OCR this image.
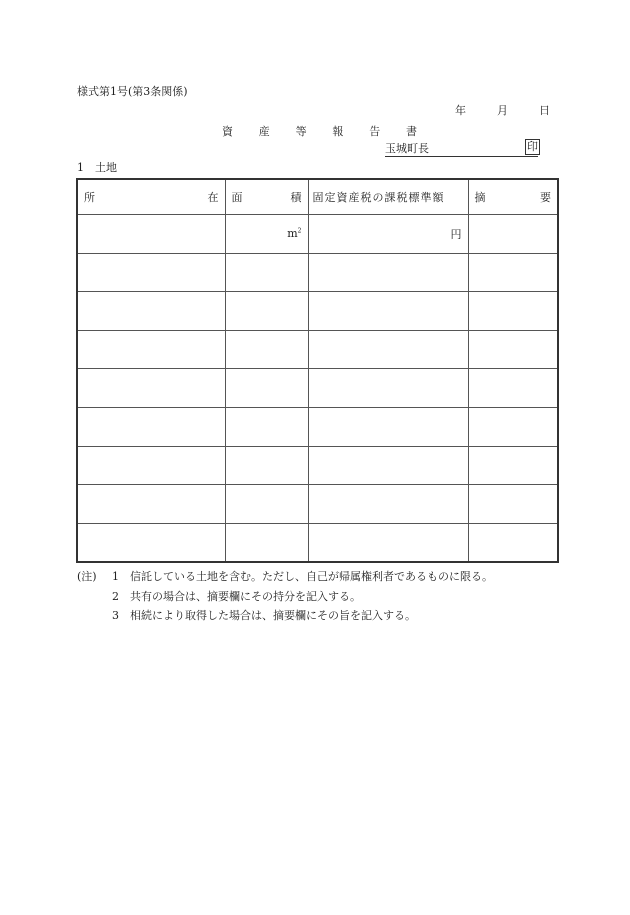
様式第1号(第3条関係)
年	月	日
資 産 等 報 告 書
玉城町長	印
1 土地
所 在	面 積	固定資産税の課税標準額	摘 要

	$m^2$	円	

(注)	1	信託している土地を含む。ただし、自己が帰属権利者であるものに限る。
2	共有の場合は、摘要欄にその持分を記入する。
3	相続により取得した場合は、摘要欄にその旨を記入する。
